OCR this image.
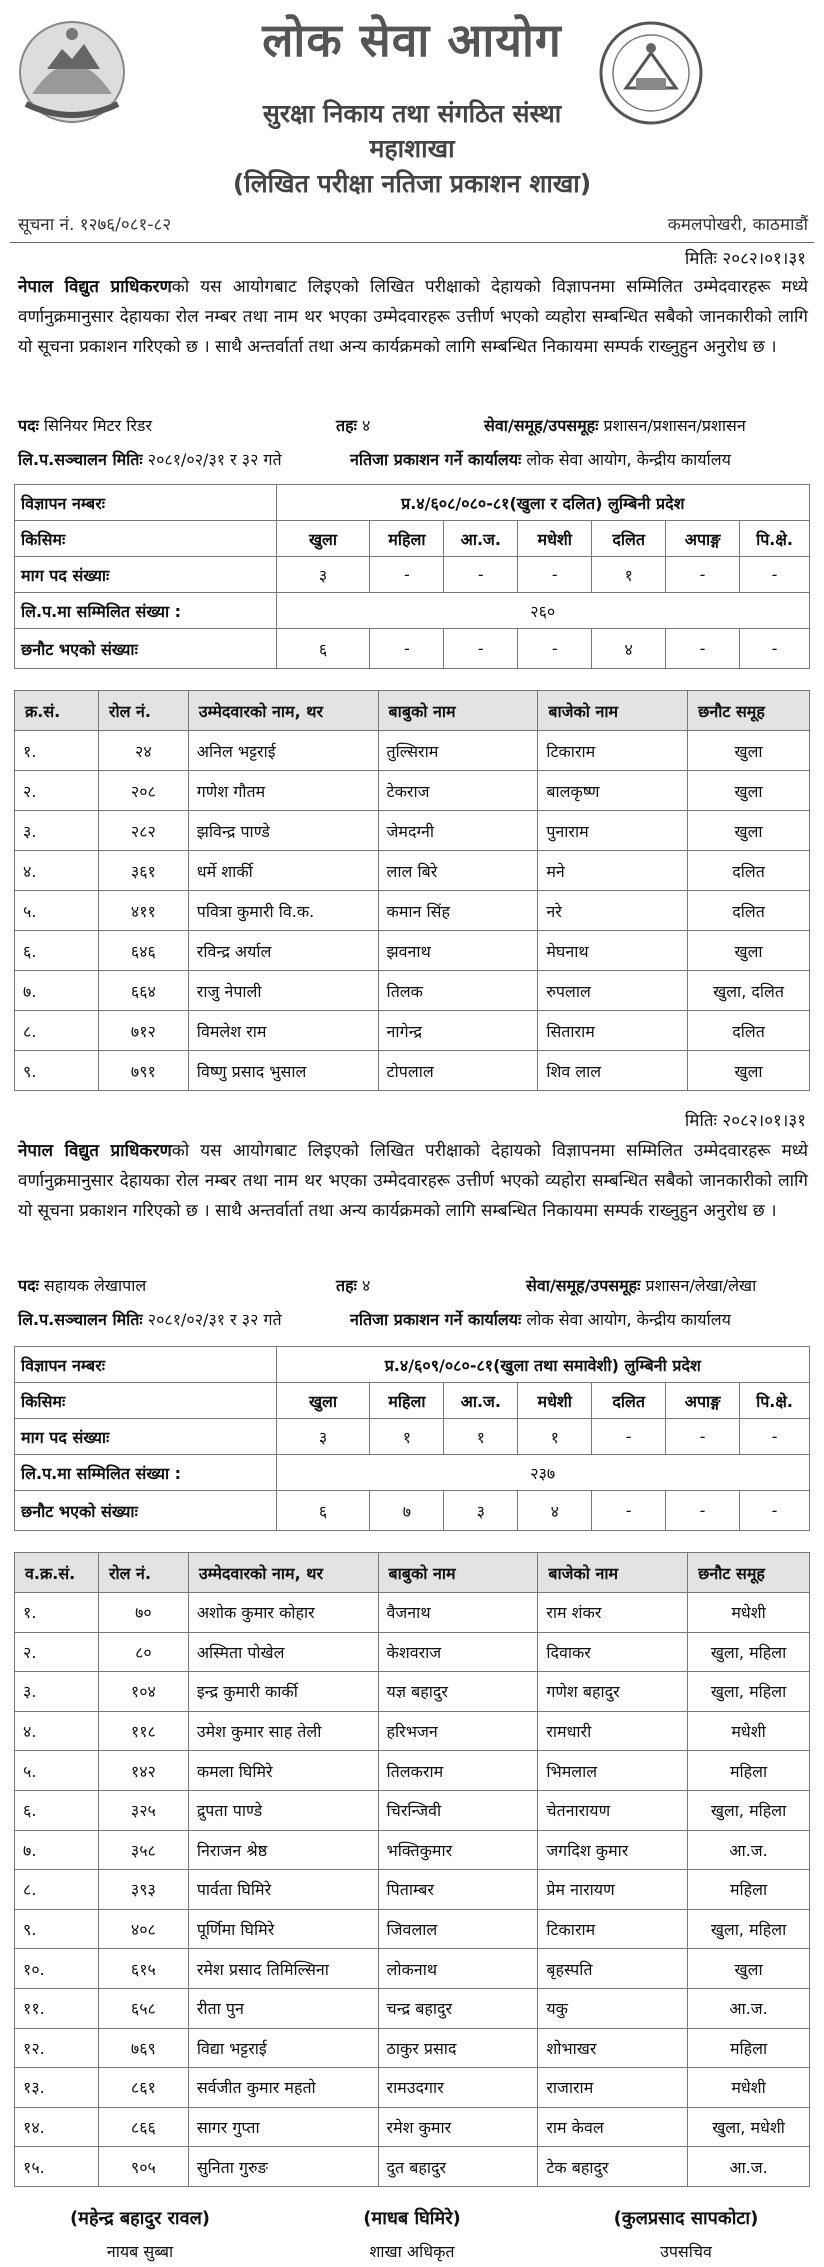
लोक सेवा आयोग
सुरक्षा निकाय तथा संगठित संस्था
महाशाखा
(लिखित परीक्षा नतिजा प्रकाशन शाखा)
सूचना नं. १२७६/०८१-८२	कमलपोखरी, काठमाडौं
मितिः २०८२।०१।३१
नेपाल विद्युत प्राधिकरणको यस आयोगबाट लिइएको लिखित परीक्षाको देहायको विज्ञापनमा सम्मिलित उम्मेदवारहरू मध्ये वर्णानुक्रमानुसार देहायका रोल नम्बर तथा नाम थर भएका उम्मेदवारहरू उत्तीर्ण भएको व्यहोरा सम्बन्धित सबैको जानकारीको लागि यो सूचना प्रकाशन गरिएको छ । साथै अन्तर्वार्ता तथा अन्य कार्यक्रमको लागि सम्बन्धित निकायमा सम्पर्क राख्नुहुन अनुरोध छ ।
पदः सिनियर मिटर रिडर	तहः ४	सेवा/समूह/उपसमूहः प्रशासन/प्रशासन/प्रशासन
लि.प.सञ्चालन मितिः २०८१/०२/३१ र ३२ गते	नतिजा प्रकाशन गर्ने कार्यालयः लोक सेवा आयोग, केन्द्रीय कार्यालय
विज्ञापन नम्बरः	प्र.४/६०८/०८०-८१(खुला र दलित) लुम्बिनी प्रदेश						
किसिमः	खुला	महिला	आ.ज.	मधेशी	दलित	अपाङ्ग	पि.क्षे.
माग पद संख्याः	३	-	-	-	१	-	-
लि.प.मा सम्मिलित संख्या :	२६०						
छनौट भएको संख्याः	६	-	-	-	४	-	-
क्र.सं.	रोल नं.	उम्मेदवारको नाम, थर	बाबुको नाम	बाजेको नाम	छनौट समूह
१.	२४	अनिल भट्टराई	तुल्सिराम	टिकाराम	खुला
२.	२०८	गणेश गौतम	टेकराज	बालकृष्ण	खुला
३.	२८२	झविन्द्र पाण्डे	जेमदग्नी	पुनाराम	खुला
४.	३६१	धर्मे शार्की	लाल बिरे	मने	दलित
५.	४११	पवित्रा कुमारी वि.क.	कमान सिंह	नरे	दलित
६.	६४६	रविन्द्र अर्याल	झवनाथ	मेघनाथ	खुला
७.	६६४	राजु नेपाली	तिलक	रुपलाल	खुला, दलित
८.	७१२	विमलेश राम	नागेन्द्र	सिताराम	दलित
९.	७९१	विष्णु प्रसाद भुसाल	टोपलाल	शिव लाल	खुला
मितिः २०८२।०१।३१
नेपाल विद्युत प्राधिकरणको यस आयोगबाट लिइएको लिखित परीक्षाको देहायको विज्ञापनमा सम्मिलित उम्मेदवारहरू मध्ये वर्णानुक्रमानुसार देहायका रोल नम्बर तथा नाम थर भएका उम्मेदवारहरू उत्तीर्ण भएको व्यहोरा सम्बन्धित सबैको जानकारीको लागि यो सूचना प्रकाशन गरिएको छ । साथै अन्तर्वार्ता तथा अन्य कार्यक्रमको लागि सम्बन्धित निकायमा सम्पर्क राख्नुहुन अनुरोध छ ।
पदः सहायक लेखापाल	तहः ४	सेवा/समूह/उपसमूहः प्रशासन/लेखा/लेखा
लि.प.सञ्चालन मितिः २०८१/०२/३१ र ३२ गते	नतिजा प्रकाशन गर्ने कार्यालयः लोक सेवा आयोग, केन्द्रीय कार्यालय
विज्ञापन नम्बरः	प्र.४/६०९/०८०-८१(खुला तथा समावेशी) लुम्बिनी प्रदेश						
किसिमः	खुला	महिला	आ.ज.	मधेशी	दलित	अपाङ्ग	पि.क्षे.
माग पद संख्याः	३	१	१	१	-	-	-
लि.प.मा सम्मिलित संख्या :	२३७						
छनौट भएको संख्याः	६	७	३	४	-	-	-
व.क्र.सं.	रोल नं.	उम्मेदवारको नाम, थर	बाबुको नाम	बाजेको नाम	छनौट समूह
१.	७०	अशोक कुमार कोहार	वैजनाथ	राम शंकर	मधेशी
२.	८०	अस्मिता पोखेल	केशवराज	दिवाकर	खुला, महिला
३.	१०४	इन्द्र कुमारी कार्की	यज्ञ बहादुर	गणेश बहादुर	खुला, महिला
४.	११८	उमेश कुमार साह तेली	हरिभजन	रामधारी	मधेशी
५.	१४२	कमला घिमिरे	तिलकराम	भिमलाल	महिला
६.	३२५	द्रुपता पाण्डे	चिरन्जिवी	चेतनारायण	खुला, महिला
७.	३५८	निराजन श्रेष्ठ	भक्तिकुमार	जगदिश कुमार	आ.ज.
८.	३९३	पार्वता घिमिरे	पिताम्बर	प्रेम नारायण	महिला
९.	४०८	पूर्णिमा घिमिरे	जिवलाल	टिकाराम	खुला, महिला
१०.	६१५	रमेश प्रसाद तिमिल्सिना	लोकनाथ	बृहस्पति	खुला
११.	६५८	रीता पुन	चन्द्र बहादुर	यकु	आ.ज.
१२.	७६९	विद्या भट्टराई	ठाकुर प्रसाद	शोभाखर	महिला
१३.	८६१	सर्वजीत कुमार महतो	रामउदगार	राजाराम	मधेशी
१४.	८६६	सागर गुप्ता	रमेश कुमार	राम केवल	खुला, मधेशी
१५.	९०५	सुनिता गुरुङ	दुत बहादुर	टेक बहादुर	आ.ज.
(महेन्द्र बहादुर रावल)
नायब सुब्बा
(माधब घिमिरे)
शाखा अधिकृत
(कुलप्रसाद सापकोटा)
उपसचिव
